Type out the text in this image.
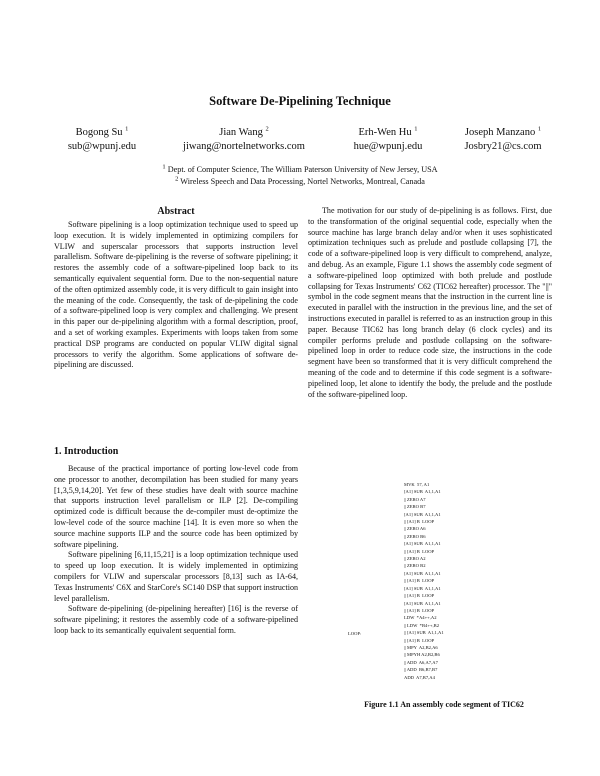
Software De-Pipelining Technique
Bogong Su $^1$
sub@wpunj.edu
Jian Wang $^2$
jiwang@nortelnetworks.com
Erh-Wen Hu $^1$
hue@wpunj.edu
Joseph Manzano $^1$
Josbry21@cs.com
$^1$ Dept. of Computer Science, The William Paterson University of New Jersey, USA
$^2$ Wireless Speech and Data Processing, Nortel Networks, Montreal, Canada
Abstract

Software pipelining is a loop optimization technique used to speed up loop execution. It is widely implemented in optimizing compilers for VLIW and superscalar processors that supports instruction level parallelism. Software de-pipelining is the reverse of software pipelining; it restores the assembly code of a software-pipelined loop back to its semantically equivalent sequential form. Due to the non-sequential nature of the often optimized assembly code, it is very difficult to gain insight into the meaning of the code. Consequently, the task of de-pipelining the code of a software-pipelined loop is very complex and challenging. We present in this paper our de-pipelining algorithm with a formal description, proof, and a set of working examples. Experiments with loops taken from some practical DSP programs are conducted on popular VLIW digital signal processors to verify the algorithm. Some applications of software de-pipelining are discussed.

1. Introduction

Because of the practical importance of porting low-level code from one processor to another, decompilation has been studied for many years [1,3,5,9,14,20]. Yet few of these studies have dealt with source machine that supports instruction level parallelism or ILP [2]. De-compiling optimized code is difficult because the de-compiler must de-optimize the low-level code of the source machine [14]. It is even more so when the source machine supports ILP and the source code has been optimized by software pipelining.

Software pipelining [6,11,15,21] is a loop optimization technique used to speed up loop execution. It is widely implemented in optimizing compilers for VLIW and superscalar processors [8,13] such as IA-64, Texas Instruments' C6X and StarCore's SC140 DSP that support instruction level parallelism.

Software de-pipelining (de-pipelining hereafter) [16] is the reverse of software pipelining; it restores the assembly code of a software-pipelined loop back to its semantically equivalent sequential form.

The motivation for our study of de-pipelining is as follows. First, due to the transformation of the original sequential code, especially when the source machine has large branch delay and/or when it uses sophisticated optimization techniques such as prelude and postlude collapsing [7], the code of a software-pipelined loop is very difficult to comprehend, analyze, and debug. As an example, Figure 1.1 shows the assembly code segment of a software-pipelined loop optimized with both prelude and postlude collapsing for Texas Instruments' C62 (TIC62 hereafter) processor. The "||" symbol in the code segment means that the instruction in the current line is executed in parallel with the instruction in the previous line, and the set of instructions executed in parallel is referred to as an instruction group in this paper. Because TIC62 has long branch delay (6 clock cycles) and its compiler performs prelude and postlude collapsing on the software-pipelined loop in order to reduce code size, the instructions in the code segment have been so transformed that it is very difficult comprehend the meaning of the code and to determine if this code segment is a software-pipelined loop, let alone to identify the body, the prelude and the postlude of the software-pipelined loop.

MVK  57, A1
[A1] SUB  A1,1,A1
|| ZERO A7
|| ZERO B7
[A1] SUB  A1,1,A1
|| [A1] B  LOOP
|| ZERO A6
|| ZERO B6
[A1] SUB  A1,1,A1
|| [A1] B  LOOP
|| ZERO A2
|| ZERO B2
[A1] SUB  A1,1,A1
|| [A1] B  LOOP
[A1] SUB  A1,1,A1
|| [A1] B  LOOP
[A1] SUB  A1,1,A1
|| [A1] B  LOOP
LDW  *A4++,A2
|| LDW  *B4++,B2
|| [A1] SUB  A1,1,A1
|| [A1] B  LOOP
|| MPY  A2,B2,A6
|| MPYH A2,B2,B6
|| ADD  A6,A7,A7
|| ADD  B6,B7,B7
ADD  A7,B7,A4
LOOP:
Figure 1.1 An assembly code segment of TIC62
